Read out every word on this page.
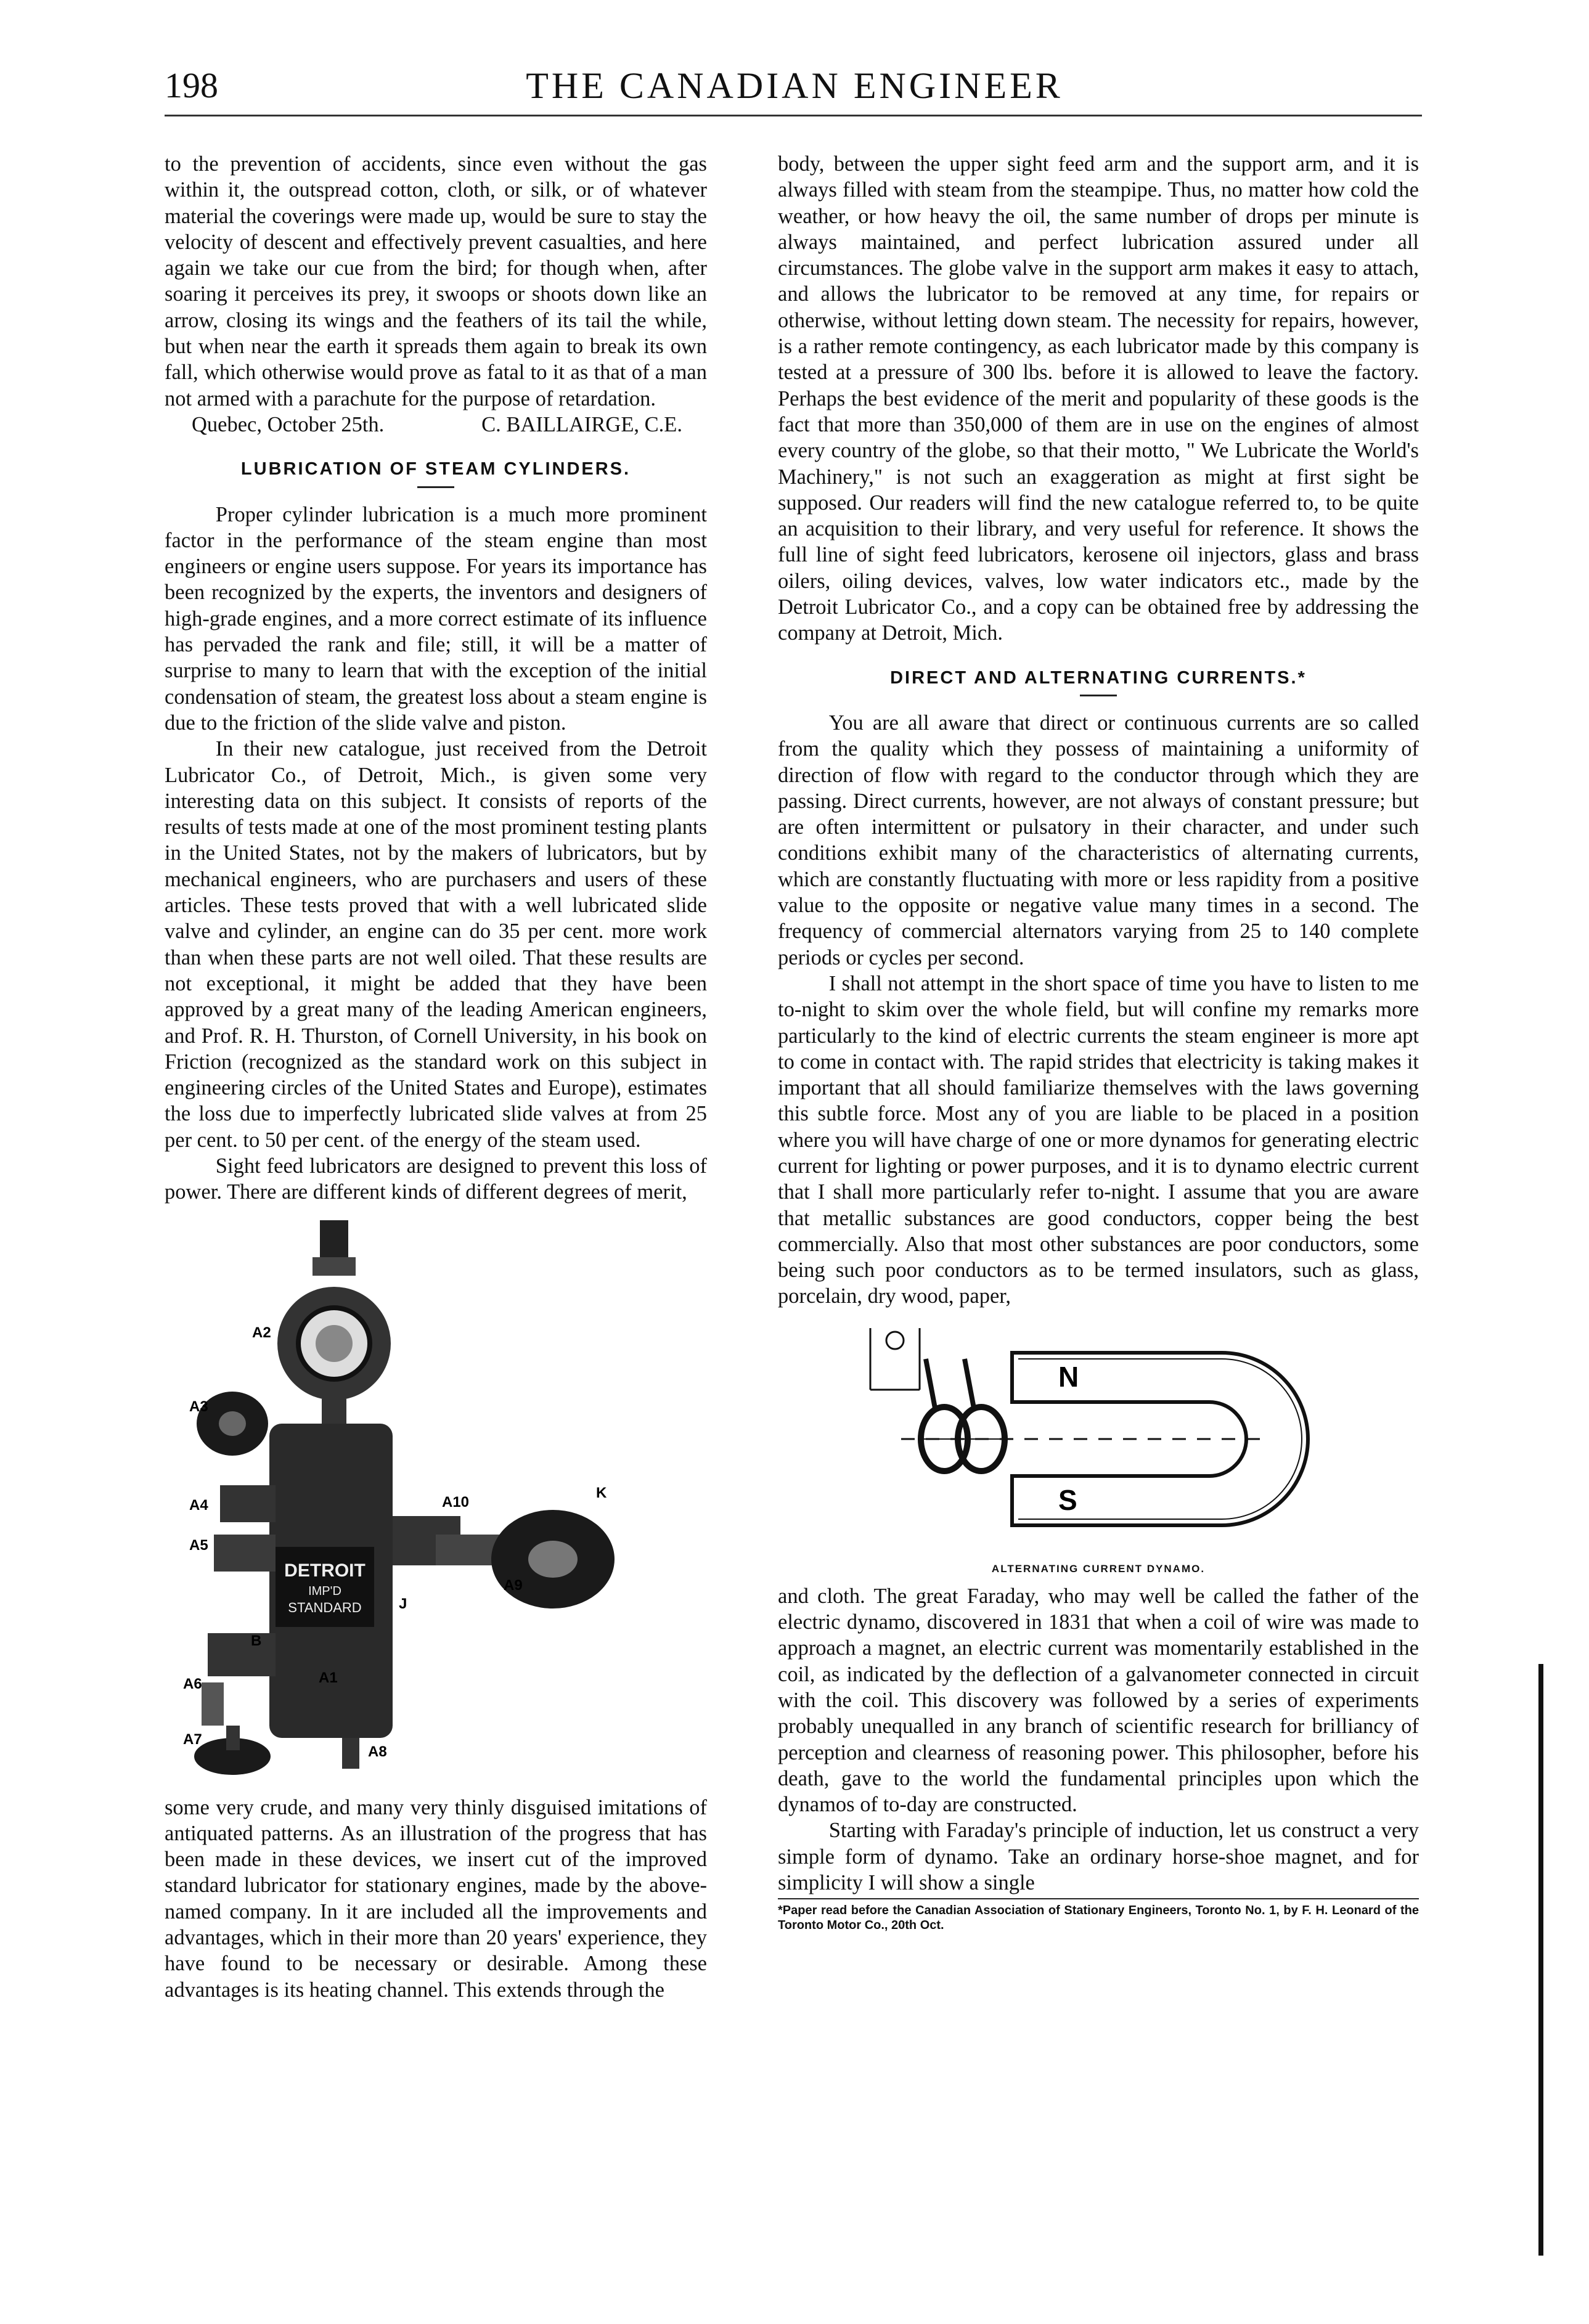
198	THE CANADIAN ENGINEER

to the prevention of accidents, since even without the gas within it, the outspread cotton, cloth, or silk, or of whatever material the coverings were made up, would be sure to stay the velocity of descent and effectively prevent casualties, and here again we take our cue from the bird; for though when, after soaring it perceives its prey, it swoops or shoots down like an arrow, closing its wings and the feathers of its tail the while, but when near the earth it spreads them again to break its own fall, which otherwise would prove as fatal to it as that of a man not armed with a parachute for the purpose of retardation.

Quebec, October 25th.	C. BAILLAIRGE, C.E.
LUBRICATION OF STEAM CYLINDERS.

Proper cylinder lubrication is a much more prominent factor in the performance of the steam engine than most engineers or engine users suppose. For years its importance has been recognized by the experts, the inventors and designers of high-grade engines, and a more correct estimate of its influence has pervaded the rank and file; still, it will be a matter of surprise to many to learn that with the exception of the initial condensation of steam, the greatest loss about a steam engine is due to the friction of the slide valve and piston.

In their new catalogue, just received from the Detroit Lubricator Co., of Detroit, Mich., is given some very interesting data on this subject. It consists of reports of the results of tests made at one of the most prominent testing plants in the United States, not by the makers of lubricators, but by mechanical engineers, who are purchasers and users of these articles. These tests proved that with a well lubricated slide valve and cylinder, an engine can do 35 per cent. more work than when these parts are not well oiled. That these results are not exceptional, it might be added that they have been approved by a great many of the leading American engineers, and Prof. R. H. Thurston, of Cornell University, in his book on Friction (recognized as the standard work on this subject in engineering circles of the United States and Europe), estimates the loss due to imperfectly lubricated slide valves at from 25 per cent. to 50 per cent. of the energy of the steam used.

Sight feed lubricators are designed to prevent this loss of power. There are different kinds of different degrees of merit,

DETROIT
IMP'D
STANDARD
A2
A3
A4	A10
A5
K
A9
J
B
A6	A1
A7
A8

some very crude, and many very thinly disguised imitations of antiquated patterns. As an illustration of the progress that has been made in these devices, we insert cut of the improved standard lubricator for stationary engines, made by the above-named company. In it are included all the improvements and advantages, which in their more than 20 years' experience, they have found to be necessary or desirable. Among these advantages is its heating channel. This extends through the

body, between the upper sight feed arm and the support arm, and it is always filled with steam from the steampipe. Thus, no matter how cold the weather, or how heavy the oil, the same number of drops per minute is always maintained, and perfect lubrication assured under all circumstances. The globe valve in the support arm makes it easy to attach, and allows the lubricator to be removed at any time, for repairs or otherwise, without letting down steam. The necessity for repairs, however, is a rather remote contingency, as each lubricator made by this company is tested at a pressure of 300 lbs. before it is allowed to leave the factory. Perhaps the best evidence of the merit and popularity of these goods is the fact that more than 350,000 of them are in use on the engines of almost every country of the globe, so that their motto, " We Lubricate the World's Machinery," is not such an exaggeration as might at first sight be supposed. Our readers will find the new catalogue referred to, to be quite an acquisition to their library, and very useful for reference. It shows the full line of sight feed lubricators, kerosene oil injectors, glass and brass oilers, oiling devices, valves, low water indicators etc., made by the Detroit Lubricator Co., and a copy can be obtained free by addressing the company at Detroit, Mich.

DIRECT AND ALTERNATING CURRENTS.*

You are all aware that direct or continuous currents are so called from the quality which they possess of maintaining a uniformity of direction of flow with regard to the conductor through which they are passing. Direct currents, however, are not always of constant pressure; but are often intermittent or pulsatory in their character, and under such conditions exhibit many of the characteristics of alternating currents, which are constantly fluctuating with more or less rapidity from a positive value to the opposite or negative value many times in a second. The frequency of commercial alternators varying from 25 to 140 complete periods or cycles per second.

I shall not attempt in the short space of time you have to listen to me to-night to skim over the whole field, but will confine my remarks more particularly to the kind of electric currents the steam engineer is more apt to come in contact with. The rapid strides that electricity is taking makes it important that all should familiarize themselves with the laws governing this subtle force. Most any of you are liable to be placed in a position where you will have charge of one or more dynamos for generating electric current for lighting or power purposes, and it is to dynamo electric current that I shall more particularly refer to-night. I assume that you are aware that metallic substances are good conductors, copper being the best commercially. Also that most other substances are poor conductors, some being such poor conductors as to be termed insulators, such as glass, porcelain, dry wood, paper,

N
S
ALTERNATING CURRENT DYNAMO.

and cloth. The great Faraday, who may well be called the father of the electric dynamo, discovered in 1831 that when a coil of wire was made to approach a magnet, an electric current was momentarily established in the coil, as indicated by the deflection of a galvanometer connected in circuit with the coil. This discovery was followed by a series of experiments probably unequalled in any branch of scientific research for brilliancy of perception and clearness of reasoning power. This philosopher, before his death, gave to the world the fundamental principles upon which the dynamos of to-day are constructed.

Starting with Faraday's principle of induction, let us construct a very simple form of dynamo. Take an ordinary horse-shoe magnet, and for simplicity I will show a single

*Paper read before the Canadian Association of Stationary Engineers, Toronto No. 1, by F. H. Leonard of the Toronto Motor Co., 20th Oct.
